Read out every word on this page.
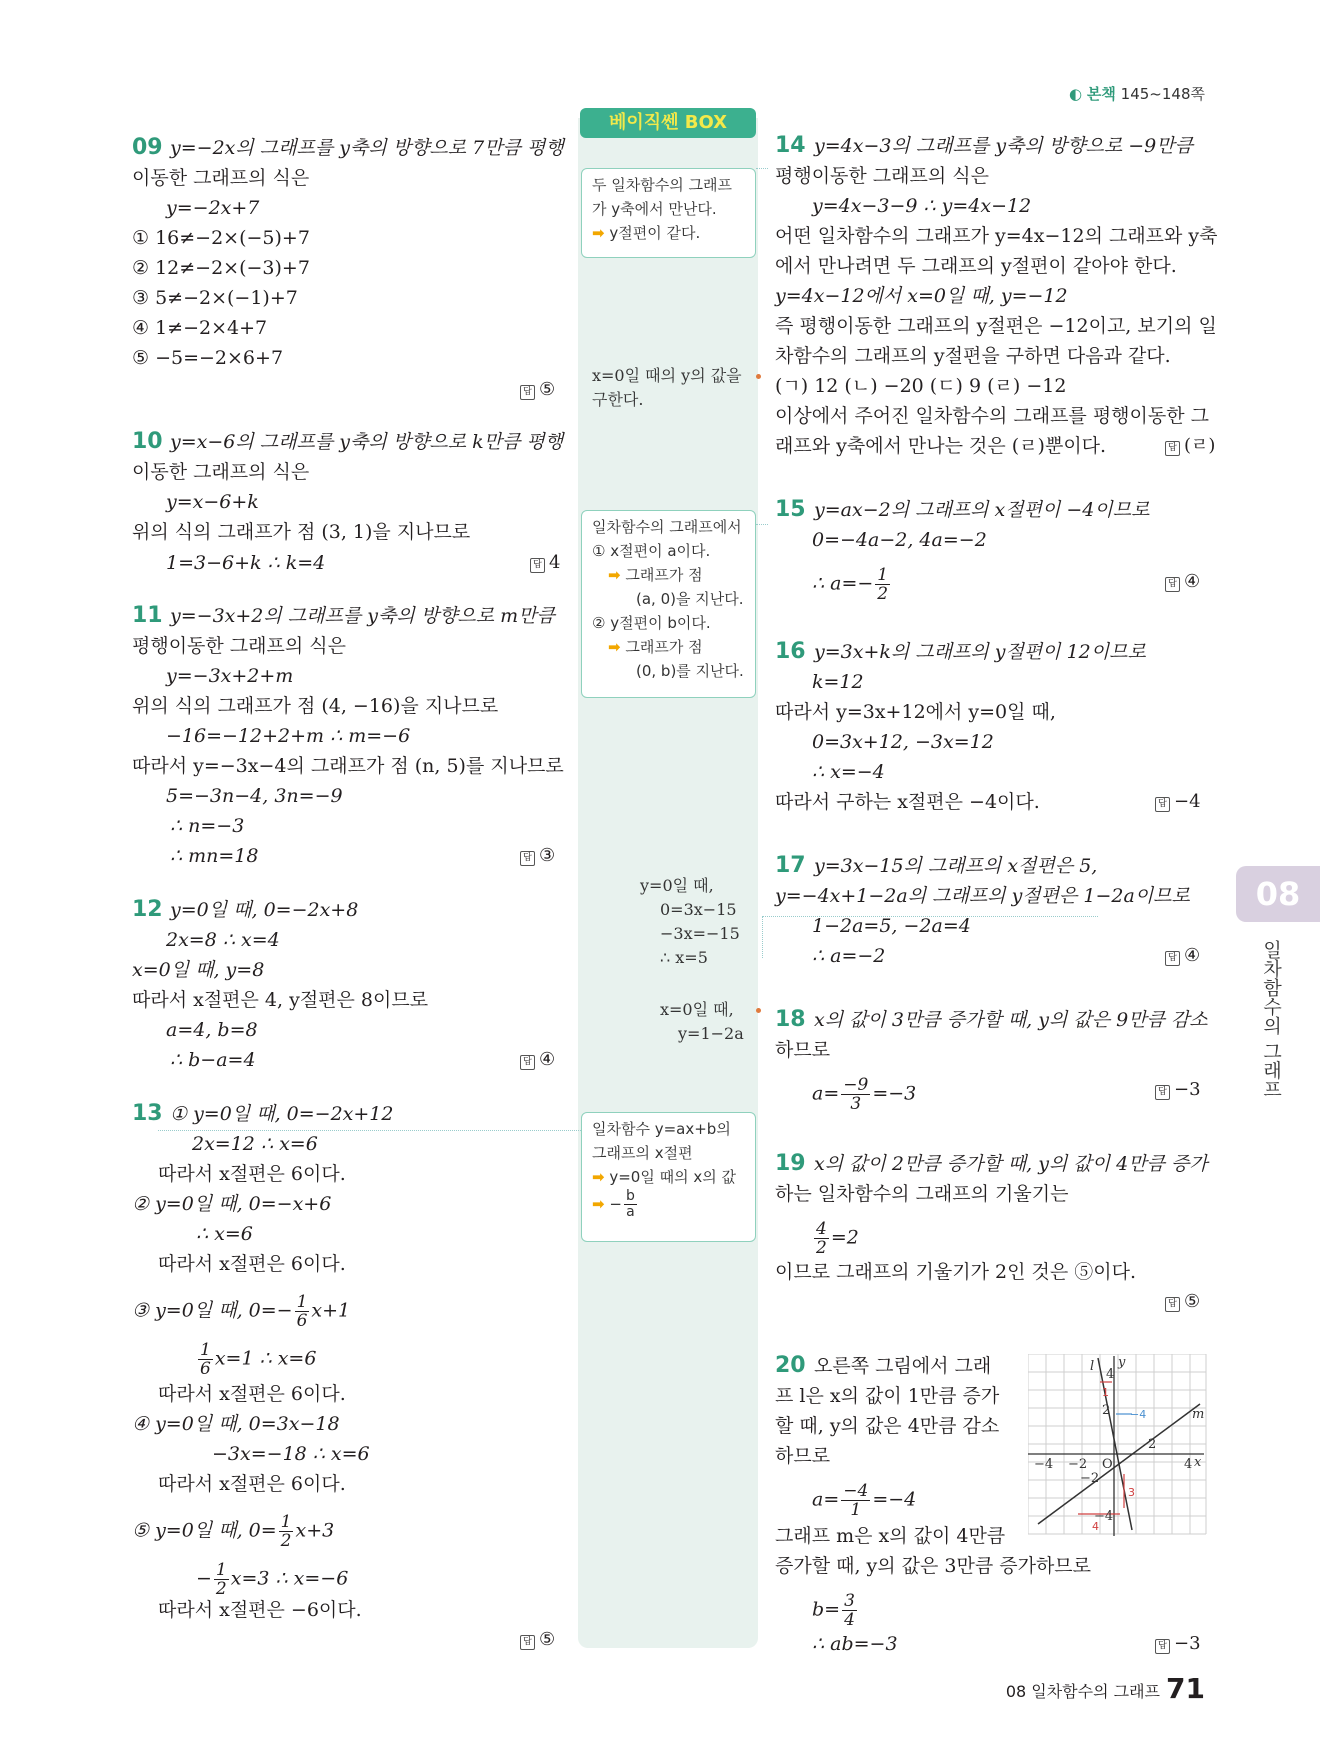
◐ 본책 145~148쪽
베이직쎈 BOX
09 y=−2x의 그래프를 y축의 방향으로 7만큼 평행
이동한 그래프의 식은
y=−2x+7
① 16≠−2×(−5)+7
② 12≠−2×(−3)+7
③ 5≠−2×(−1)+7
④ 1≠−2×4+7
⑤ −5=−2×6+7
답 ⑤
10 y=x−6의 그래프를 y축의 방향으로 k만큼 평행
이동한 그래프의 식은
y=x−6+k
위의 식의 그래프가 점 (3, 1)을 지나므로
1=3−6+k ∴ k=4	답 4
11 y=−3x+2의 그래프를 y축의 방향으로 m만큼
평행이동한 그래프의 식은
y=−3x+2+m
위의 식의 그래프가 점 (4, −16)을 지나므로
−16=−12+2+m ∴ m=−6
따라서 y=−3x−4의 그래프가 점 (n, 5)를 지나므로
5=−3n−4, 3n=−9
∴ n=−3
∴ mn=18	답 ③
12 y=0일 때, 0=−2x+8
2x=8 ∴ x=4
x=0일 때, y=8
따라서 x절편은 4, y절편은 8이므로
a=4, b=8
∴ b−a=4	답 ④
13 ① y=0일 때, 0=−2x+12
2x=12 ∴ x=6
따라서 x절편은 6이다.
② y=0일 때, 0=−x+6
∴ x=6
따라서 x절편은 6이다.
③ y=0일 때, $0=- \frac{1}{6} x+1$
$\frac{1}{6} x=1$ ∴ x=6
따라서 x절편은 6이다.
④ y=0일 때, 0=3x−18
−3x=−18 ∴ x=6
따라서 x절편은 6이다.
⑤ y=0일 때, $0= \frac{1}{2} x+3$
− $\frac{1}{2} x=3$ ∴ x=−6
따라서 x절편은 −6이다.
답 ⑤
두 일차함수의 그래프
가 y축에서 만난다.
➡ y절편이 같다.
x=0일 때의 y의 값을
구한다.
일차함수의 그래프에서
① x절편이 a이다.
➡ 그래프가 점
(a, 0)을 지난다.
② y절편이 b이다.
➡ 그래프가 점
(0, b)를 지난다.
y=0일 때,
0=3x−15
−3x=−15
∴ x=5
x=0일 때,
y=1−2a
일차함수 y=ax+b의
그래프의 x절편
➡ y=0일 때의 x의 값
➡ − $\frac{b}{a}$
14 y=4x−3의 그래프를 y축의 방향으로 −9만큼
평행이동한 그래프의 식은
y=4x−3−9 ∴ y=4x−12
어떤 일차함수의 그래프가 y=4x−12의 그래프와 y축
에서 만나려면 두 그래프의 y절편이 같아야 한다.
y=4x−12에서 x=0일 때, y=−12
즉 평행이동한 그래프의 y절편은 −12이고, 보기의 일
차함수의 그래프의 y절편을 구하면 다음과 같다.
(ㄱ) 12 (ㄴ) −20 (ㄷ) 9 (ㄹ) −12
이상에서 주어진 일차함수의 그래프를 평행이동한 그
래프와 y축에서 만나는 것은 (ㄹ)뿐이다.	답 (ㄹ)
15 y=ax−2의 그래프의 x절편이 −4이므로
0=−4a−2, 4a=−2
∴ $a=- \frac{1}{2}$	답 ④
16 y=3x+k의 그래프의 y절편이 12이므로
k=12
따라서 y=3x+12에서 y=0일 때,
0=3x+12, −3x=12
∴ x=−4
따라서 구하는 x절편은 −4이다.	답 −4
17 y=3x−15의 그래프의 x절편은 5,
y=−4x+1−2a의 그래프의 y절편은 1−2a이므로
1−2a=5, −2a=4
∴ a=−2	답 ④
18 x의 값이 3만큼 증가할 때, y의 값은 9만큼 감소
하므로
$a= \frac{-9}{3} =-3$	답 −3
19 x의 값이 2만큼 증가할 때, y의 값이 4만큼 증가
하는 일차함수의 그래프의 기울기는
$\frac{4}{2} =2$
이므로 그래프의 기울기가 2인 것은 ⑤이다.
답 ⑤
20 오른쪽 그림에서 그래
프 l은 x의 값이 1만큼 증가
할 때, y의 값은 4만큼 감소
하므로
$a= \frac{-4}{1} =-4$
그래프 m은 x의 값이 4만큼
증가할 때, y의 값은 3만큼 증가하므로
$b= \frac{3}{4}$
∴ ab=−3	답 −3
l y
m
x
O
4
2
−2
−4
−4 −2
2
4
1
−4
3
4
08
일차함수의 그래프
08 일차함수의 그래프 71
